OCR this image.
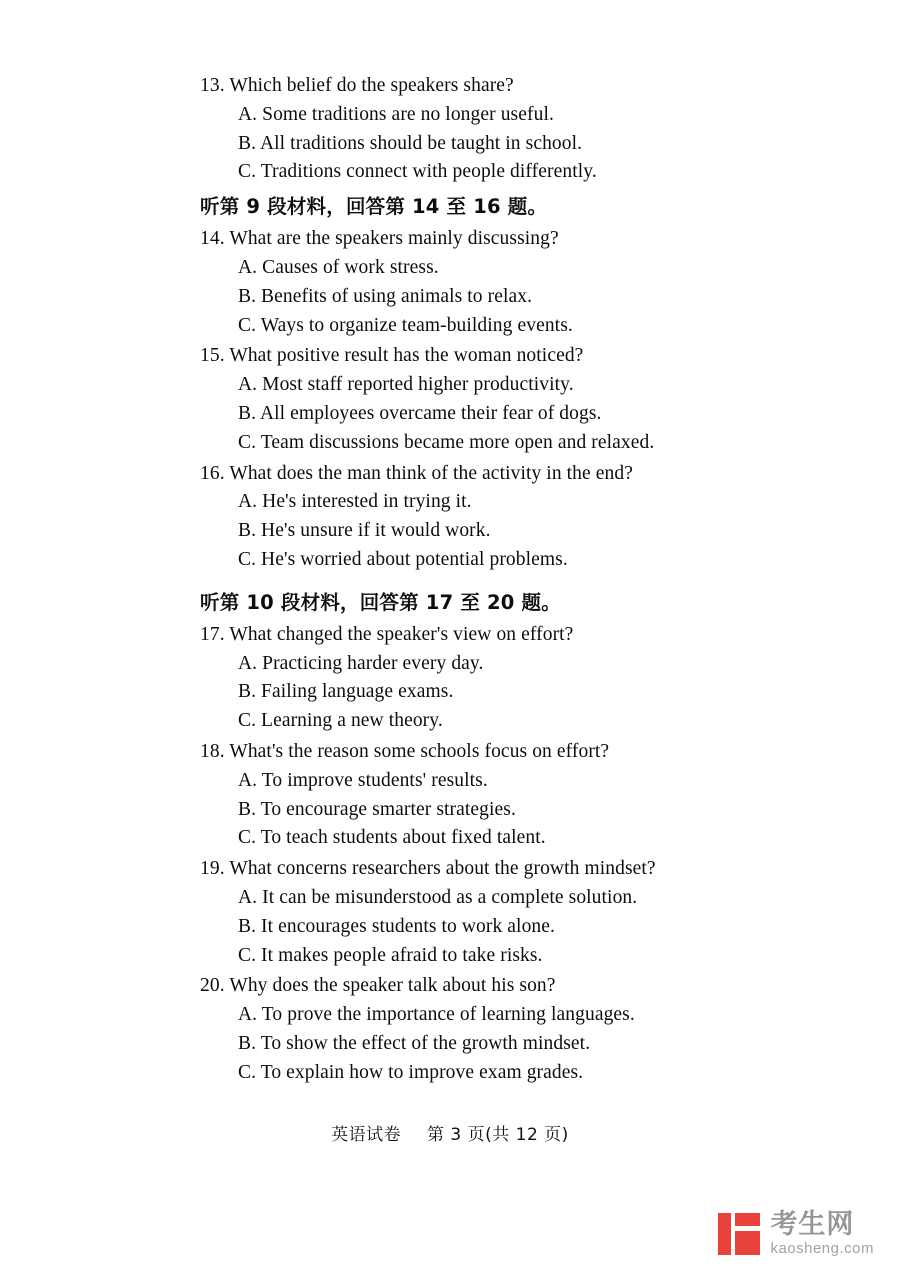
13. Which belief do the speakers share?
A. Some traditions are no longer useful.
B. All traditions should be taught in school.
C. Traditions connect with people differently.
听第 9 段材料，回答第 14 至 16 题。
14. What are the speakers mainly discussing?
A. Causes of work stress.
B. Benefits of using animals to relax.
C. Ways to organize team-building events.
15. What positive result has the woman noticed?
A. Most staff reported higher productivity.
B. All employees overcame their fear of dogs.
C. Team discussions became more open and relaxed.
16. What does the man think of the activity in the end?
A. He's interested in trying it.
B. He's unsure if it would work.
C. He's worried about potential problems.
听第 10 段材料，回答第 17 至 20 题。
17. What changed the speaker's view on effort?
A. Practicing harder every day.
B. Failing language exams.
C. Learning a new theory.
18. What's the reason some schools focus on effort?
A. To improve students' results.
B. To encourage smarter strategies.
C. To teach students about fixed talent.
19. What concerns researchers about the growth mindset?
A. It can be misunderstood as a complete solution.
B. It encourages students to work alone.
C. It makes people afraid to take risks.
20. Why does the speaker talk about his son?
A. To prove the importance of learning languages.
B. To show the effect of the growth mindset.
C. To explain how to improve exam grades.
英语试卷 第 3 页(共 12 页)
考生网
kaosheng.com
